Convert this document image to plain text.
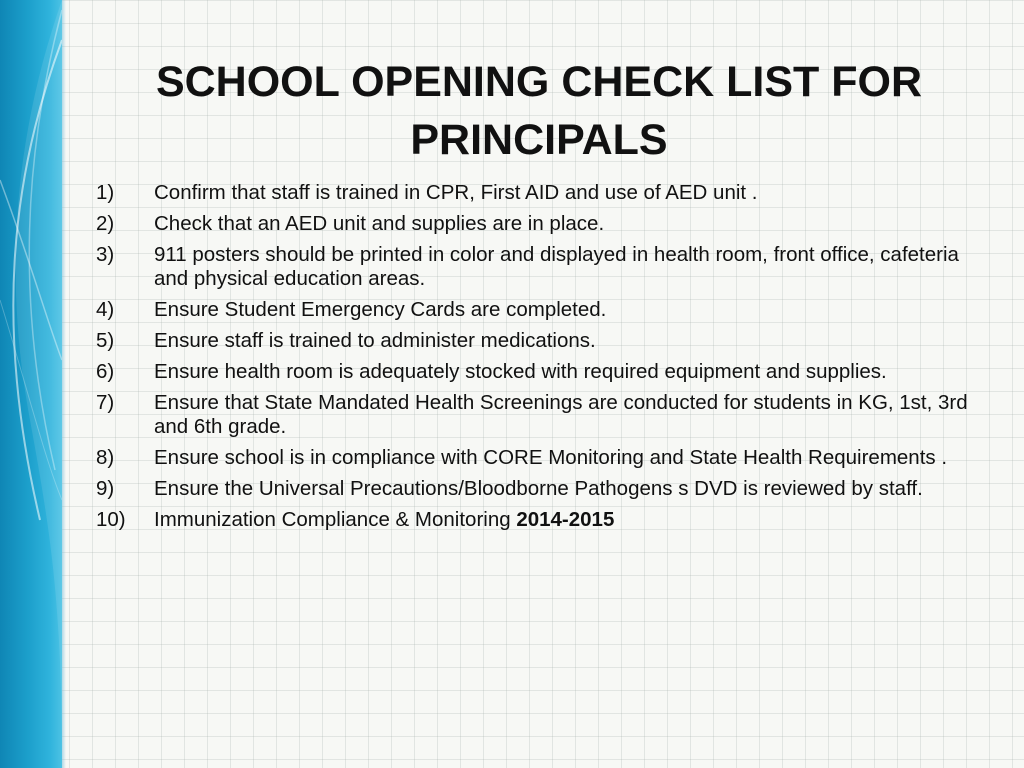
SCHOOL OPENING CHECK LIST FOR PRINCIPALS
1) Confirm that staff is trained in CPR, First AID and use of AED unit .
2) Check that an AED unit and supplies are in place.
3) 911 posters should be printed in color and displayed in health room, front office, cafeteria and physical education areas.
4) Ensure Student Emergency Cards are completed.
5) Ensure staff is trained to administer medications.
6) Ensure health room is adequately stocked with required equipment and supplies.
7) Ensure that State Mandated Health Screenings are conducted for students in KG, 1st, 3rd and 6th grade.
8) Ensure school is in compliance with CORE Monitoring and State Health Requirements .
9) Ensure the Universal Precautions/Bloodborne Pathogens s DVD is reviewed by staff.
10) Immunization Compliance & Monitoring 2014-2015
